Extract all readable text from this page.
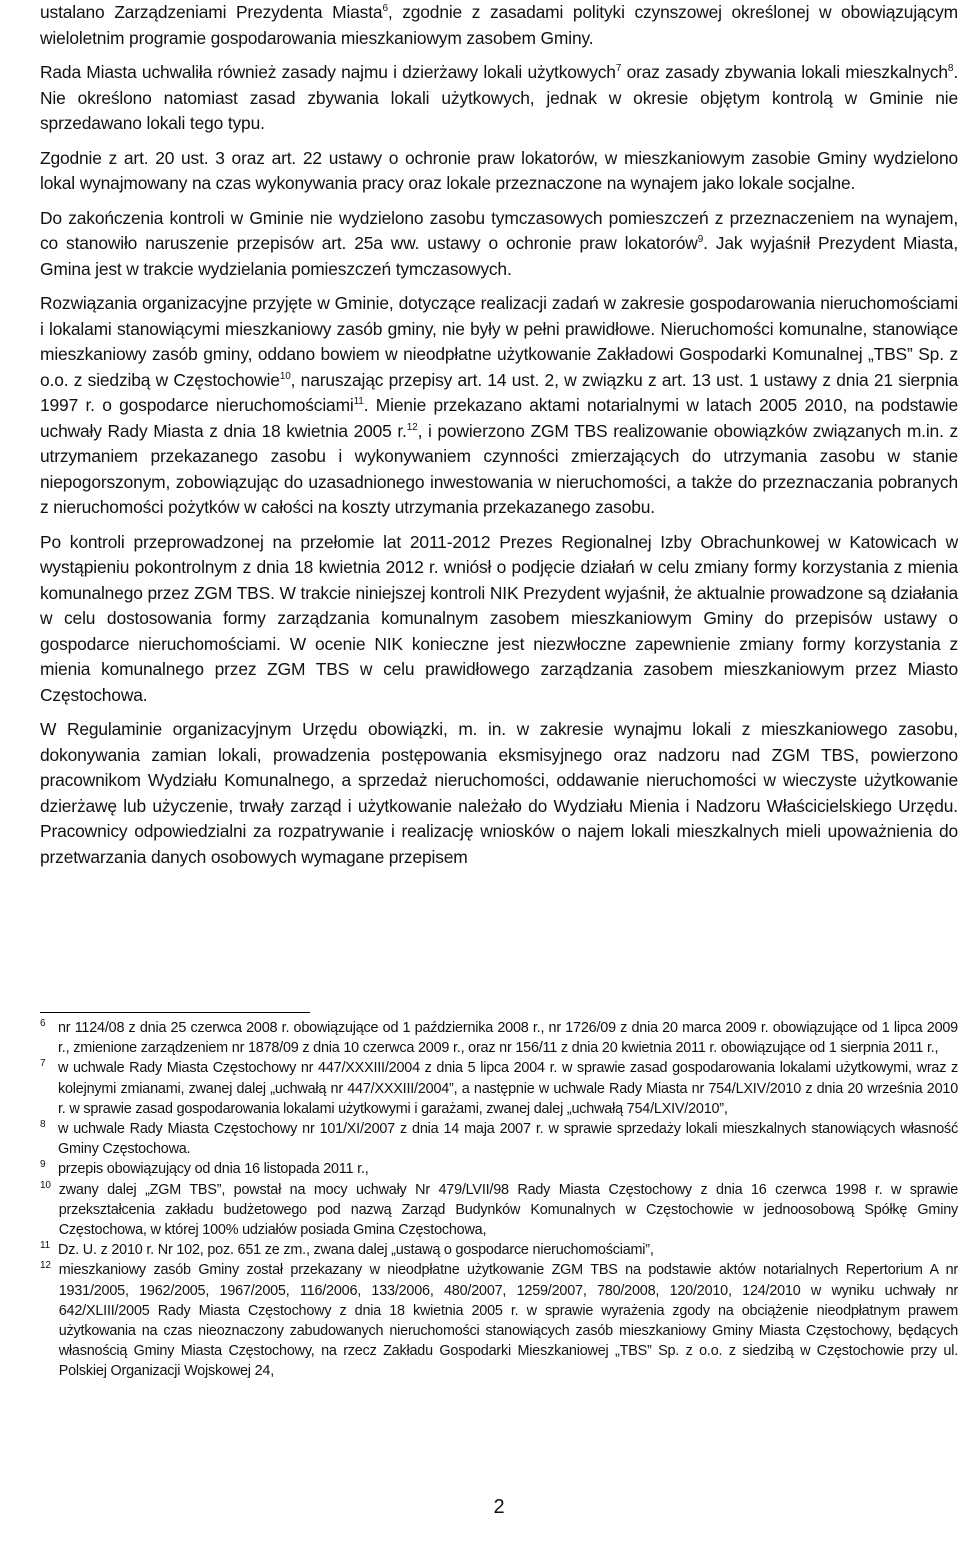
ustalano Zarządzeniami Prezydenta Miasta$^6$, zgodnie z zasadami polityki czynszowej określonej w obowiązującym wieloletnim programie gospodarowania mieszkaniowym zasobem Gminy.

Rada Miasta uchwaliła również zasady najmu i dzierżawy lokali użytkowych$^7$ oraz zasady zbywania lokali mieszkalnych$^8$. Nie określono natomiast zasad zbywania lokali użytkowych, jednak w okresie objętym kontrolą w Gminie nie sprzedawano lokali tego typu.

Zgodnie z art. 20 ust. 3 oraz art. 22 ustawy o ochronie praw lokatorów, w mieszkaniowym zasobie Gminy wydzielono lokal wynajmowany na czas wykonywania pracy oraz lokale przeznaczone na wynajem jako lokale socjalne.

Do zakończenia kontroli w Gminie nie wydzielono zasobu tymczasowych pomieszczeń z przeznaczeniem na wynajem, co stanowiło naruszenie przepisów art. 25a ww. ustawy o ochronie praw lokatorów$^9$. Jak wyjaśnił Prezydent Miasta, Gmina jest w trakcie wydzielania pomieszczeń tymczasowych.

Rozwiązania organizacyjne przyjęte w Gminie, dotyczące realizacji zadań w zakresie gospodarowania nieruchomościami i lokalami stanowiącymi mieszkaniowy zasób gminy, nie były w pełni prawidłowe. Nieruchomości komunalne, stanowiące mieszkaniowy zasób gminy, oddano bowiem w nieodpłatne użytkowanie Zakładowi Gospodarki Komunalnej „TBS” Sp. z o.o. z siedzibą w Częstochowie$^{10}$, naruszając przepisy art. 14 ust. 2, w związku z art. 13 ust. 1 ustawy z dnia 21 sierpnia 1997 r. o gospodarce nieruchomościami$^{11}$. Mienie przekazano aktami notarialnymi w latach 2005 2010, na podstawie uchwały Rady Miasta z dnia 18 kwietnia 2005 r.$^{12}$, i powierzono ZGM TBS realizowanie obowiązków związanych m.in. z utrzymaniem przekazanego zasobu i wykonywaniem czynności zmierzających do utrzymania zasobu w stanie niepogorszonym, zobowiązując do uzasadnionego inwestowania w nieruchomości, a także do przeznaczania pobranych z nieruchomości pożytków w całości na koszty utrzymania przekazanego zasobu.

Po kontroli przeprowadzonej na przełomie lat 2011-2012 Prezes Regionalnej Izby Obrachunkowej w Katowicach w wystąpieniu pokontrolnym z dnia 18 kwietnia 2012 r. wniósł o podjęcie działań w celu zmiany formy korzystania z mienia komunalnego przez ZGM TBS. W trakcie niniejszej kontroli NIK Prezydent wyjaśnił, że aktualnie prowadzone są działania w celu dostosowania formy zarządzania komunalnym zasobem mieszkaniowym Gminy do przepisów ustawy o gospodarce nieruchomościami. W ocenie NIK konieczne jest niezwłoczne zapewnienie zmiany formy korzystania z mienia komunalnego przez ZGM TBS w celu prawidłowego zarządzania zasobem mieszkaniowym przez Miasto Częstochowa.

W Regulaminie organizacyjnym Urzędu obowiązki, m. in. w zakresie wynajmu lokali z mieszkaniowego zasobu, dokonywania zamian lokali, prowadzenia postępowania eksmisyjnego oraz nadzoru nad ZGM TBS, powierzono pracownikom Wydziału Komunalnego, a sprzedaż nieruchomości, oddawanie nieruchomości w wieczyste użytkowanie dzierżawę lub użyczenie, trwały zarząd i użytkowanie należało do Wydziału Mienia i Nadzoru Właścicielskiego Urzędu. Pracownicy odpowiedzialni za rozpatrywanie i realizację wniosków o najem lokali mieszkalnych mieli upoważnienia do przetwarzania danych osobowych wymagane przepisem

6 nr 1124/08 z dnia 25 czerwca 2008 r. obowiązujące od 1 października 2008 r., nr 1726/09 z dnia 20 marca 2009 r. obowiązujące od 1 lipca 2009 r., zmienione zarządzeniem nr 1878/09 z dnia 10 czerwca 2009 r., oraz nr 156/11 z dnia 20 kwietnia 2011 r. obowiązujące od 1 sierpnia 2011 r.,
7 w uchwale Rady Miasta Częstochowy nr 447/XXXIII/2004 z dnia 5 lipca 2004 r. w sprawie zasad gospodarowania lokalami użytkowymi, wraz z kolejnymi zmianami, zwanej dalej „uchwałą nr 447/XXXIII/2004”, a następnie w uchwale Rady Miasta nr 754/LXIV/2010 z dnia 20 września 2010 r. w sprawie zasad gospodarowania lokalami użytkowymi i garażami, zwanej dalej „uchwałą 754/LXIV/2010”,
8 w uchwale Rady Miasta Częstochowy nr 101/XI/2007 z dnia 14 maja 2007 r. w sprawie sprzedaży lokali mieszkalnych stanowiących własność Gminy Częstochowa.
9 przepis obowiązujący od dnia 16 listopada 2011 r.,
10 zwany dalej „ZGM TBS”, powstał na mocy uchwały Nr 479/LVII/98 Rady Miasta Częstochowy z dnia 16 czerwca 1998 r. w sprawie przekształcenia zakładu budżetowego pod nazwą Zarząd Budynków Komunalnych w Częstochowie w jednoosobową Spółkę Gminy Częstochowa, w której 100% udziałów posiada Gmina Częstochowa,
11 Dz. U. z 2010 r. Nr 102, poz. 651 ze zm., zwana dalej „ustawą o gospodarce nieruchomościami”,
12 mieszkaniowy zasób Gminy został przekazany w nieodpłatne użytkowanie ZGM TBS na podstawie aktów notarialnych Repertorium A nr 1931/2005, 1962/2005, 1967/2005, 116/2006, 133/2006, 480/2007, 1259/2007, 780/2008, 120/2010, 124/2010 w wyniku uchwały nr 642/XLIII/2005 Rady Miasta Częstochowy z dnia 18 kwietnia 2005 r. w sprawie wyrażenia zgody na obciążenie nieodpłatnym prawem użytkowania na czas nieoznaczony zabudowanych nieruchomości stanowiących zasób mieszkaniowy Gminy Miasta Częstochowy, będących własnością Gminy Miasta Częstochowy, na rzecz Zakładu Gospodarki Mieszkaniowej „TBS” Sp. z o.o. z siedzibą w Częstochowie przy ul. Polskiej Organizacji Wojskowej 24,
2
